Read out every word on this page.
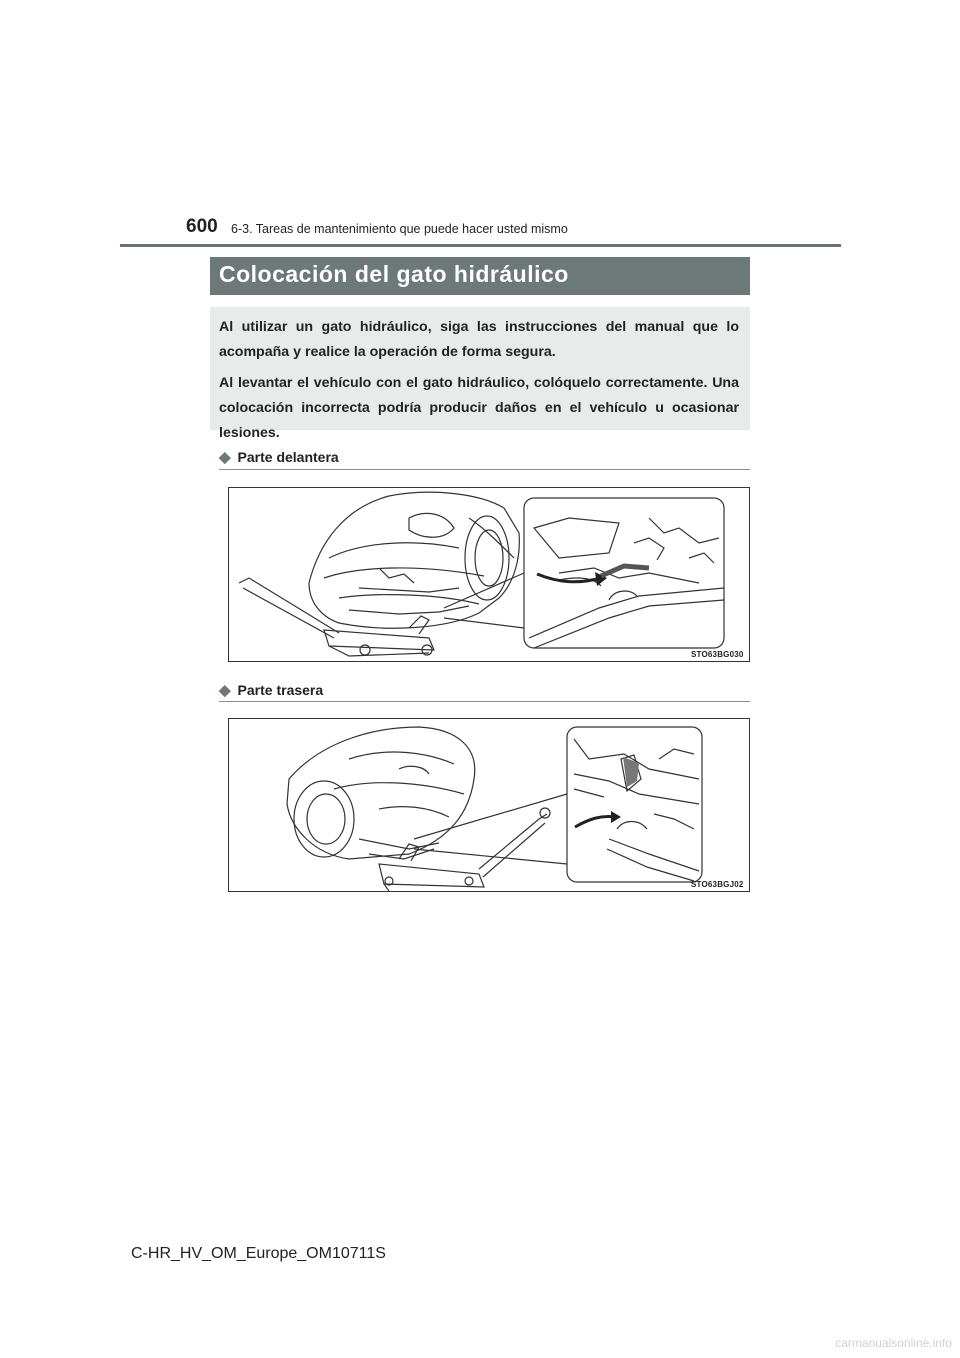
600 6-3. Tareas de mantenimiento que puede hacer usted mismo
Colocación del gato hidráulico

Al utilizar un gato hidráulico, siga las instrucciones del manual que lo acompaña y realice la operación de forma segura.

Al levantar el vehículo con el gato hidráulico, colóquelo correctamente. Una colocación incorrecta podría producir daños en el vehículo u ocasionar lesiones.

◆ Parte delantera
STO63BG030
◆ Parte trasera
STO63BGJ02
C-HR_HV_OM_Europe_OM10711S
carmanualsonline.info
